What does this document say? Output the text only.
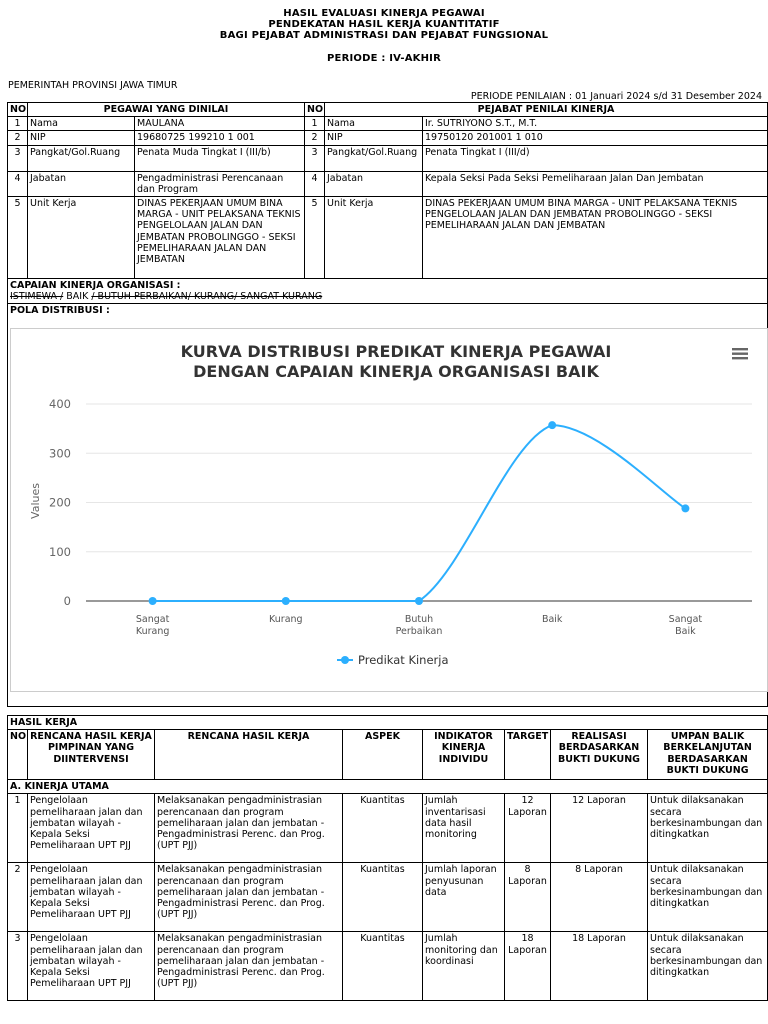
HASIL EVALUASI KINERJA PEGAWAI
PENDEKATAN HASIL KERJA KUANTITATIF
BAGI PEJABAT ADMINISTRASI DAN PEJABAT FUNGSIONAL
PERIODE : IV-AKHIR
PEMERINTAH PROVINSI JAWA TIMUR
PERIODE PENILAIAN : 01 Januari 2024 s/d 31 Desember 2024
NO	PEGAWAI YANG DINILAI		NO	PEJABAT PENILAI KINERJA	
1	Nama	MAULANA	1	Nama	Ir. SUTRIYONO S.T., M.T.
2	NIP	19680725 199210 1 001	2	NIP	19750120 201001 1 010
3	Pangkat/Gol.Ruang	Penata Muda Tingkat I (III/b)	3	Pangkat/Gol.Ruang	Penata Tingkat I (III/d)
4	Jabatan	Pengadministrasi Perencanaan dan Program	4	Jabatan	Kepala Seksi Pada Seksi Pemeliharaan Jalan Dan Jembatan
5	Unit Kerja	DINAS PEKERJAAN UMUM BINA MARGA - UNIT PELAKSANA TEKNIS PENGELOLAAN JALAN DAN JEMBATAN PROBOLINGGO - SEKSI PEMELIHARAAN JALAN DAN JEMBATAN	5	Unit Kerja	DINAS PEKERJAAN UMUM BINA MARGA - UNIT PELAKSANA TEKNIS PENGELOLAAN JALAN DAN JEMBATAN PROBOLINGGO - SEKSI PEMELIHARAAN JALAN DAN JEMBATAN

CAPAIAN KINERJA ORGANISASI :
ISTIMEWA / BAIK / BUTUH PERBAIKAN/ KURANG/ SANGAT KURANG					

POLA DISTRIBUSI :					
KURVA DISTRIBUSI PREDIKAT KINERJA PEGAWAI
DENGAN CAPAIAN KINERJA ORGANISASI BAIK
Values
0
100
200
300
400
Sangat Kurang
Kurang	Butuh Perbaikan
Baik	Sangat Baik
Predikat Kinerja
HASIL KERJA							
NO	RENCANA HASIL KERJA PIMPINAN YANG DIINTERVENSI	RENCANA HASIL KERJA	ASPEK	INDIKATOR KINERJA INDIVIDU	TARGET	REALISASI BERDASARKAN BUKTI DUKUNG	UMPAN BALIK BERKELANJUTAN BERDASARKAN BUKTI DUKUNG
A. KINERJA UTAMA							
1	Pengelolaan pemeliharaan jalan dan jembatan wilayah - Kepala Seksi Pemeliharaan UPT PJJ	Melaksanakan pengadministrasian perencanaan dan program pemeliharaan jalan dan jembatan - Pengadministrasi Perenc. dan Prog. (UPT PJJ)	Kuantitas	Jumlah inventarisasi data hasil monitoring	12 Laporan	12 Laporan	Untuk dilaksanakan secara berkesinambungan dan ditingkatkan
2	Pengelolaan pemeliharaan jalan dan jembatan wilayah - Kepala Seksi Pemeliharaan UPT PJJ	Melaksanakan pengadministrasian perencanaan dan program pemeliharaan jalan dan jembatan - Pengadministrasi Perenc. dan Prog. (UPT PJJ)	Kuantitas	Jumlah laporan penyusunan data	8 Laporan	8 Laporan	Untuk dilaksanakan secara berkesinambungan dan ditingkatkan
3	Pengelolaan pemeliharaan jalan dan jembatan wilayah - Kepala Seksi Pemeliharaan UPT PJJ	Melaksanakan pengadministrasian perencanaan dan program pemeliharaan jalan dan jembatan - Pengadministrasi Perenc. dan Prog. (UPT PJJ)	Kuantitas	Jumlah monitoring dan koordinasi	18 Laporan	18 Laporan	Untuk dilaksanakan secara berkesinambungan dan ditingkatkan
